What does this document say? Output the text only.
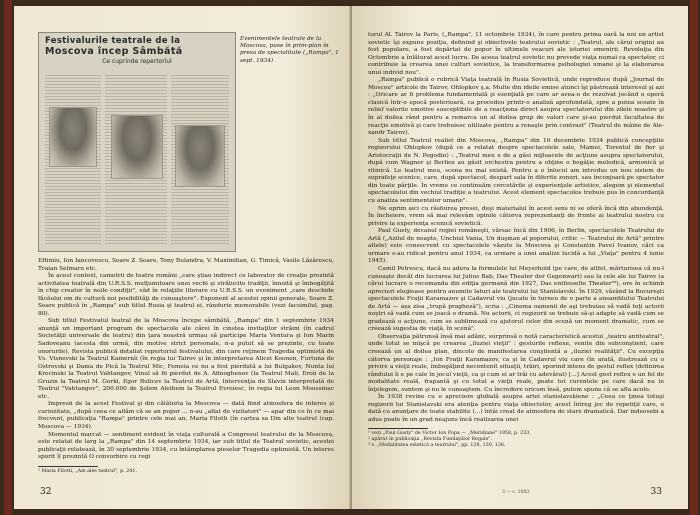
Festivalurile teatrale de la
Moscova încep Sâmbătă
Ce cuprinde repertoriul
Evenimentele teatrale de la Moscova, puse în prim-plan în presa de specialitate („Rampa", 1 sept. 1934)

Eftimiu, Ion Iancovescu, Soare Z. Soare, Tony Bulandra, V. Maximilian, G. Timică, Vasile Lăzărescu, Traian Selmaru etc.

În acest context, cametrii de teatru români „care ştiau indirect ce laborator de creaţie prezintă activitatea teatrală din U.R.S.S. mulţumitoare unei vechi şi strălucite tradiţii, înnoită şi îmbogăţită în chip creator în noile condiţii", văd în relaţiile literare cu U.R.S.S. un eveniment „care deschide făcăului om de cultură noi posibilităţi de cunoaştere". Exponent al acestei opinii generale, Soare Z. Soare publică în „Rampa" sub titlul Rusia şi teatrul ei, rândurie memorabile (vezi facsimilul, pag. 80).

Sub titlul Festivalul teatral de la Moscova începe sâmbătă, „Rampa" din 1 septembrie 1934 anunţă un important program de spectacole ale cărei în cinstea invitaţilor străini (în cadrul Societăţii universale de teatru) din ţara noastră urmau să participe Maria Ventura şi Ion Marin Sadoveanu (acesta din urmă, din motive strict personale, n-a putut să se prezinte, cu toate onorurile), Revista publică detaliat repertoriul festivalului, din care reţinem Tragedia optimistă de Vs. Visnevski la Teatrul Kamernîi (în regia lui Tairov şi în interpretarea Alicei Koonen, Furtuna de Ostrovski şi Dama de Pică la Teatrul Mic, Femeia ce nu a fost pierdută a lui Bulgakov, Nunta lui Krecinski la Teatrul Vahtangov, Vinul să fii pierdut de A. Afinoghenov (la Teatrul Mali, Eroii de la Gruzin la Teatrul M. Gorki, Egor Bulicev la Teatrul de Artă, Intervenţia de Slavin interpretată de Teatrul "Vahtangov", 200.000 de Şolem Aleihem la Teatrul Evreiesc, în regia lui Leon Moussinac etc.

Impresii de la acest Festival şi din călătoria la Moscova — dată fiind atmosfera de interes şi curiozitate, „după ceea ce aflăm că se an popor ... n-au „aflat de vizitatori" — apar din ce în ce mai frecvent, publicaţia "Rampa" printre cele mai an, Maria Filotti (în cartea sa Din alte teatrul (cap. Moscova — 1934).

Momentul marcat — sentiment evident în viaţa culturală a Congresul teatrului de la Moscova, este relatat de larg la „Rampa" din 14 septembrie 1934, iar sub titlul de Teatrul sovietic, acestei publicaţii relatează, în 30 septembrie 1934, cu întâmplarea pieselor Tragedia optimistă. Un interes sporit îl prezintă O convorbire cu regi

¹ Maria Filotti, „Am ales teatrul", p. 241.
32

torul Al. Tairov la Paris, („Rampa", 11 octombrie 1934), în care pentru prima oară la noi un artist sovietic îşi expune poziţia, definind şi obiectivele teatrului sovietic : „Teatrul, ale cărui origini au fost populare, a fost depărtat de popor în ultimele veacuri ale istoriei omenirii. Revoluţia din Octombrie a înlăturat acest lucru. De aceea teatrul sovietic nu prevede viaţa numai ca spectator, ci contribuie la crearea unei culturi sovietice, la transformarea psihologiei umane şi la elaborarea unui individ nou".

„Rampa" publică o rubrică Viaţa teatrală în Rusia Sovietică, unde reproduce după „Journal de Moscou" articole de Tairov, Ohlopkov ş.a. Multe din ideile emise atunci îşi păstrează interesul şi azi : „Oricare ar fi problema fundamentală şi esenţială pe care ar avea-o de rezolvat jocând o operă clasică într-o epocă posterioară, ca procedeu printr-o analiză aprofundată, spre a putea scoate în relief valorile emotive susceptibile de a reacţiona direct asupra spectatorului din zilele noastre şi în al doilea rând pentru a remarca un al doilea grup de valori care şi-au pierdut facultatea de reacţie emotivă şi care trebuiesc utilizate pentru a renaşte prin contrast" (Teatrul de mâine de Alexandr Tairov).

Sub titlul Teatrul realist din Moscova, „Rampa" din 10 decembrie 1934 publică concepţiile regizorului Ohlopkov (după ce a relatat despre spectacolele sale, Mamei, Torentul de fier şi Aristocraţii de N. Pogodin) : „Teatrul meu e de a găsi mijloacele de acţiune asupra spectatorului, după cum Wagner şi Berlioz au găsit orchestra pentru a obţine o bogăţie melodică, armonică şi ritmică. Le teatrul meu, scena nu mai există. Pentru a o înlocui am introdus un nou sistem de suprafeţe scenice, care, după spectacol, despart sala în diferite zonuri, sau înconjoară pe spectator din toate părţile. În vreme ce continuăm cercetările şi experienţele artistice, alegem şi elementul spectacolului din vechiul tradiţie a teatrului. Acest element spectacolos trebuie pus în concordanţă cu analiza sentimentelor umane".

Ne oprim aici cu răsfoirea presei, deşi materialul în acest sens ni se oferă încă din abundenţă. În încheiere, vrem să mai relevăm opinile câtorva reprezentanţi de frunte ai teatrului nostru cu privire la experienţa scenică sovietică.

Paul Gusty, decanul regiei româneşti, vărsac încă din 1906, în Berlin, spectacolele Teatrului de Artă („Azilul de noapte, Unchiul Vania, Un duşman al poporului, critic — Teatrului de Artă" printre altele) este consecvent cu spectacolele văzute la Moscova şi Constantin Pavel Ivanov, căci ca urmare s-au ridicat pentru anul 1934, ca urmare a unei analize lucidă a lui „Viaţa" pentru 4 iunie 1945).

Camil Petrescu, dacă nu adera la formulele lui Meyerhold (pe care, de altfel, mărturisea că nu-l cunoaşte decât din lucrarea lui Julius Bab, Das Theater der Gegenwart) sau la cele ale lui Tairov (a cărui lucrare o recomanda din ediţia germană din 1927, Das entfesselte Theater²⁶), ore în schimb aprecieri elogioase pentru anumite laturi ale teatrului lui Stanislavski. În 1929, văzând la Bucureşti spectacolele Fraţii Karamazov şi Cadavrul viu (jucate în turneu de o parte a ansamblului Teatrului de Artă — așa zisa „trupă pragheză"), scria : „Cinema oamenii de aşi trebuiau să vadă toţi actorii noştri să vadă cum se joacă o dramă. Nu actorii, ci regizorii se trebuie să-şi adapte să vadă cum se gradează o acţiune, cum se sublimează cu ajutorul celor din scenă un moment dramatic, cum se creează sugestia de viaţă, în scenă".

Observaţia pătrunsă însă mai adânc, surprinsă o notă caracteristică acestui „teatru antiteatral", unde totul se mişcă pe crearea „iluziei vieţii" : gesturile reflexe, venite din subconştient, care creează un al doilea plan, dincolo de manifestarea conştientă a „iluziei realităţii". Cu excepţia câtorva personaje : „Ion Fraţii Karamazov, ca şi în Cadavrul viu care (în arată, ilustrează cu o privire a vieţii reale, îmbogăţind necontenit situaţii, trăiri, sporind intens de gestul reflex (definirea rândului îi e pe cale în jocul vieţii, ca şi cum ei ar trăi cu adevărat) [...] Acest gest reflex e un fel de modalitate reală, frapantă şi cu totul a vieţii reale, poate tot curentele pe care dacă nu le înţelegem, suntem şi nu le cunoaştem. Cu încredere oricum însă, putem spune că se afla acolo.

În 1938 revine cu o apreciere globală asupra artei stanislavskiene : „Ceea ce ţinea totuşi regizorii lui Stanislavski era atenţia pentru viaţa obiectelor, acest întreg joc de repetiţii care, o dată cu anunţare de toate stabilite (...) întâi creat de atmosfera de stare dramatică. Dar indeosebi a adus poate în un grad neajuns încă realizarea unei

¹ vezi „Paul Gusty" de Victor Ion Popa — „Meridiane" 1958, p. 233.
² apărut în publicaţia „Revista Fundaţiilor Regale".
³ v. „Modalitatea estetică a teatrului", pp. 128, 130, 136.
3 — c. 1083	33
